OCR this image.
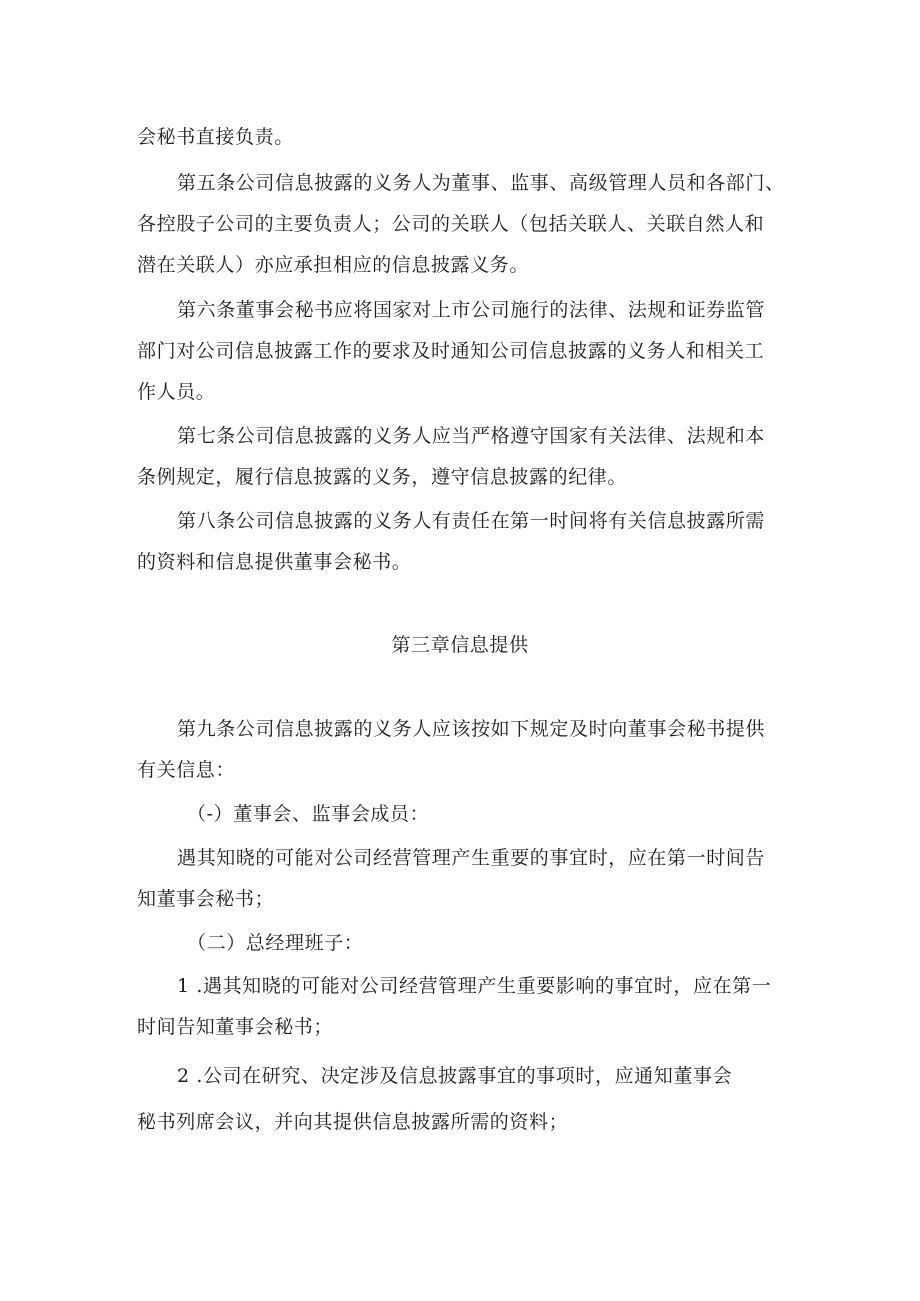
会秘书直接负责。
第五条公司信息披露的义务人为董事、监事、高级管理人员和各部门、
各控股子公司的主要负责人；公司的关联人（包括关联人、关联自然人和
潜在关联人）亦应承担相应的信息披露义务。
第六条董事会秘书应将国家对上市公司施行的法律、法规和证券监管
部门对公司信息披露工作的要求及时通知公司信息披露的义务人和相关工
作人员。
第七条公司信息披露的义务人应当严格遵守国家有关法律、法规和本
条例规定，履行信息披露的义务，遵守信息披露的纪律。
第八条公司信息披露的义务人有责任在第一时间将有关信息披露所需
的资料和信息提供董事会秘书。
第三章信息提供
第九条公司信息披露的义务人应该按如下规定及时向董事会秘书提供
有关信息：
（-）董事会、监事会成员：
遇其知晓的可能对公司经营管理产生重要的事宜时，应在第一时间告
知董事会秘书；
（二）总经理班子：
1 .遇其知晓的可能对公司经营管理产生重要影响的事宜时，应在第一
时间告知董事会秘书；
2 .公司在研究、决定涉及信息披露事宜的事项时，应通知董事会
秘书列席会议，并向其提供信息披露所需的资料；
